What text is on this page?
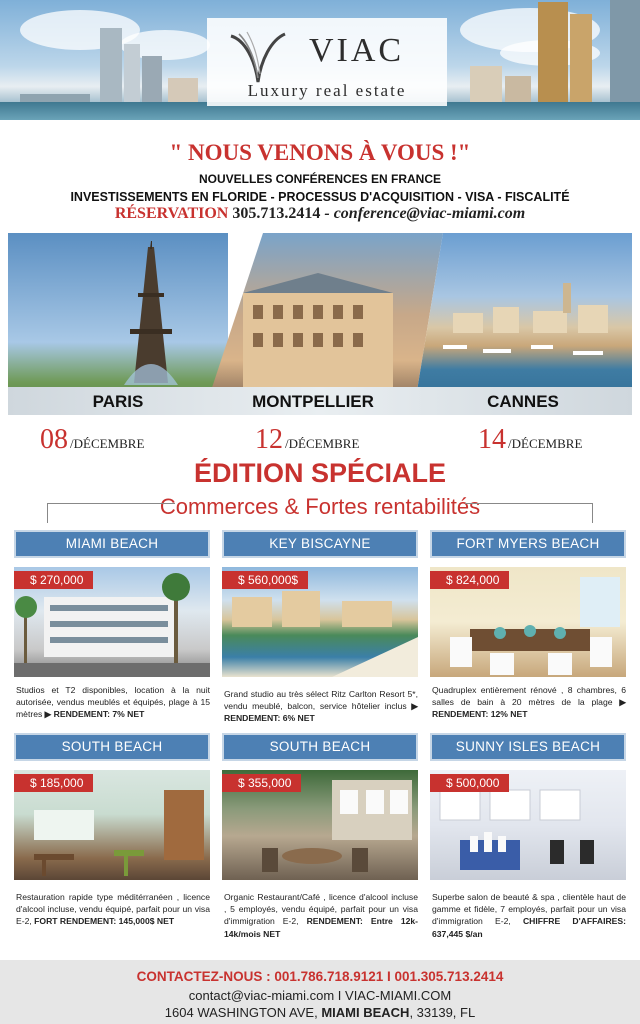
VIAC
Luxury real estate
" NOUS VENONS À VOUS !"
NOUVELLES CONFÉRENCES EN FRANCE
INVESTISSEMENTS EN FLORIDE - PROCESSUS D'ACQUISITION - VISA - FISCALITÉ
RÉSERVATION 305.713.2414 - conference@viac-miami.com
PARIS	MONTPELLIER	CANNES
08 /DÉCEMBRE	12 /DÉCEMBRE	14 /DÉCEMBRE
ÉDITION SPÉCIALE
Commerces & Fortes rentabilités
MIAMI BEACH
$ 270,000
Studios et T2 disponibles, location à la nuit autorisée, vendus meublés et équipés, plage à 15 mètres ▶ RENDEMENT: 7% NET
KEY BISCAYNE
$ 560,000$
Grand studio au très sélect Ritz Carlton Resort 5*, vendu meublé, balcon, service hôtelier inclus ▶ RENDEMENT: 6% NET
FORT MYERS BEACH
$ 824,000
Quadruplex entièrement rénové , 8 chambres, 6 salles de bain à 20 mètres de la plage ▶ RENDEMENT: 12% NET
SOUTH BEACH
$ 185,000
Restauration rapide type méditérranéen , licence d'alcool incluse, vendu équipé, parfait pour un visa E-2, FORT RENDEMENT: 145,000$ NET
SOUTH BEACH
$ 355,000
Organic Restaurant/Café , licence d'alcool incluse , 5 employés, vendu équipé, parfait pour un visa d'immigration E-2, RENDEMENT: Entre 12k-14k/mois NET
SUNNY ISLES BEACH
$ 500,000
Superbe salon de beauté & spa , clientèle haut de gamme et fidèle, 7 employés, parfait pour un visa d'immigration E-2, CHIFFRE D'AFFAIRES: 637,445 $/an
CONTACTEZ-NOUS : 001.786.718.9121 I 001.305.713.2414
contact@viac-miami.com I VIAC-MIAMI.COM
1604 WASHINGTON AVE, MIAMI BEACH, 33139, FL
